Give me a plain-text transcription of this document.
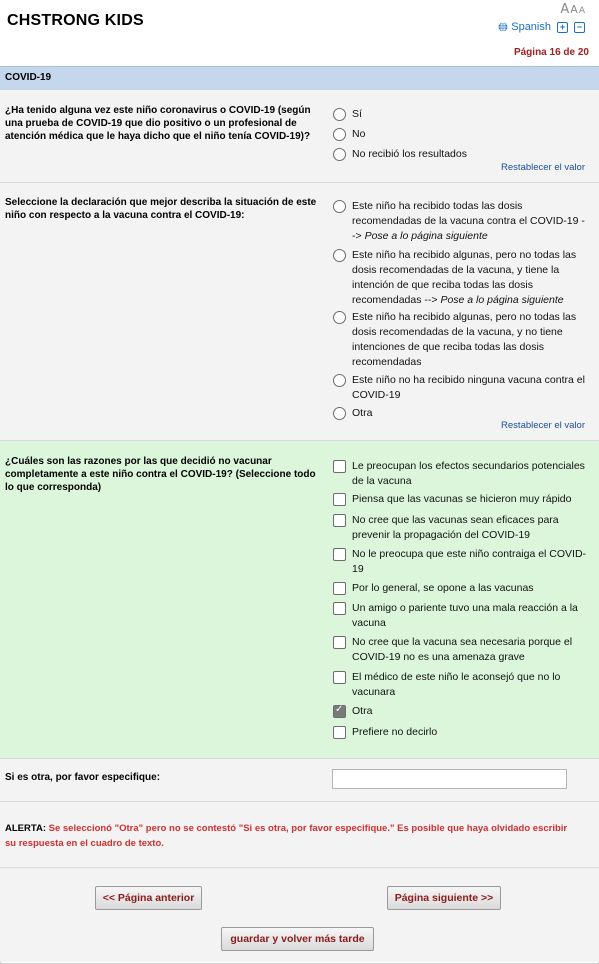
CHSTRONG KIDS
AAA
Spanish +	−
Página 16 de 20
COVID-19
¿Ha tenido alguna vez este niño coronavirus o COVID-19 (según una prueba de COVID-19 que dio positivo o un profesional de atención médica que le haya dicho que el niño tenía COVID-19)?
Sí
No
No recibió los resultados
Restablecer el valor
Seleccione la declaración que mejor describa la situación de este niño con respecto a la vacuna contra el COVID-19:
Este niño ha recibido todas las dosis recomendadas de la vacuna contra el COVID-19 --> Pose a lo página siguiente
Este niño ha recibido algunas, pero no todas las dosis recomendadas de la vacuna, y tiene la intención de que reciba todas las dosis recomendadas --> Pose a lo página siguiente
Este niño ha recibido algunas, pero no todas las dosis recomendadas de la vacuna, y no tiene intenciones de que reciba todas las dosis recomendadas
Este niño no ha recibido ninguna vacuna contra el COVID-19
Otra
Restablecer el valor
¿Cuáles son las razones por las que decidió no vacunar completamente a este niño contra el COVID-19? (Seleccione todo lo que corresponda)
Le preocupan los efectos secundarios potenciales de la vacuna
Piensa que las vacunas se hicieron muy rápido
No cree que las vacunas sean eficaces para prevenir la propagación del COVID-19
No le preocupa que este niño contraiga el COVID-19
Por lo general, se opone a las vacunas
Un amigo o pariente tuvo una mala reacción a la vacuna
No cree que la vacuna sea necesaria porque el COVID-19 no es una amenaza grave
El médico de este niño le aconsejó que no lo vacunara
✓
Otra
Prefiere no decirlo
Si es otra, por favor especifique:
ALERTA: Se seleccionó "Otra" pero no se contestó "Si es otra, por favor especifique." Es posible que haya olvidado escribir su respuesta en el cuadro de texto.
<< Página anterior	Página siguiente >>
guardar y volver más tarde
